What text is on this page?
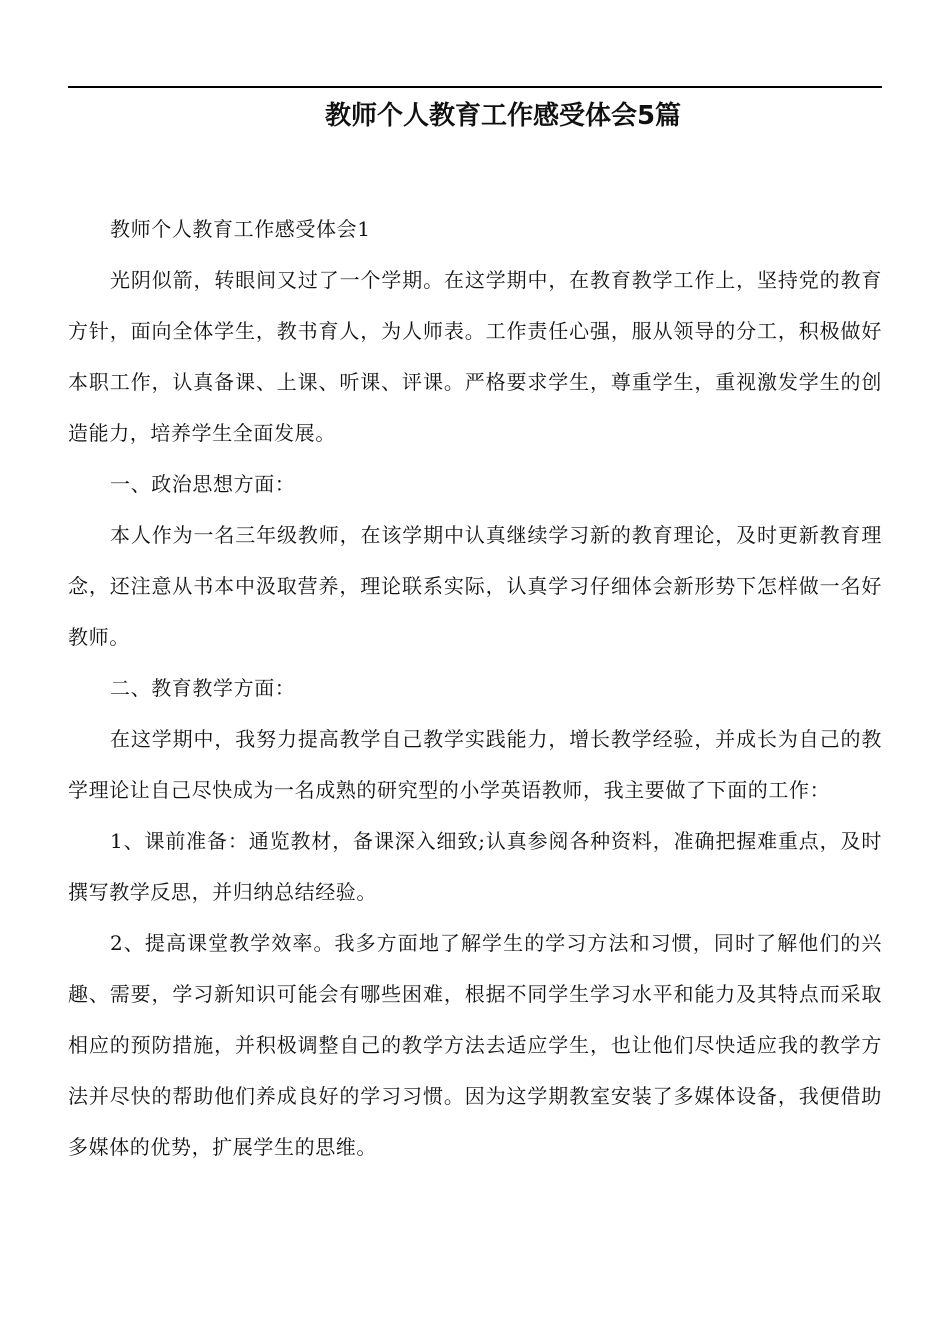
教师个人教育工作感受体会5篇

教师个人教育工作感受体会1

光阴似箭，转眼间又过了一个学期。在这学期中，在教育教学工作上，坚持党的教育方针，面向全体学生，教书育人，为人师表。工作责任心强，服从领导的分工，积极做好本职工作，认真备课、上课、听课、评课。严格要求学生，尊重学生，重视激发学生的创造能力，培养学生全面发展。

一、政治思想方面：

本人作为一名三年级教师，在该学期中认真继续学习新的教育理论，及时更新教育理念，还注意从书本中汲取营养，理论联系实际，认真学习仔细体会新形势下怎样做一名好教师。

二、教育教学方面：

在这学期中，我努力提高教学自己教学实践能力，增长教学经验，并成长为自己的教学理论让自己尽快成为一名成熟的研究型的小学英语教师，我主要做了下面的工作：

1、课前准备：通览教材，备课深入细致;认真参阅各种资料，准确把握难重点，及时撰写教学反思，并归纳总结经验。

2、提高课堂教学效率。我多方面地了解学生的学习方法和习惯，同时了解他们的兴趣、需要，学习新知识可能会有哪些困难，根据不同学生学习水平和能力及其特点而采取相应的预防措施，并积极调整自己的教学方法去适应学生，也让他们尽快适应我的教学方法并尽快的帮助他们养成良好的学习习惯。因为这学期教室安装了多媒体设备，我便借助多媒体的优势，扩展学生的思维。
